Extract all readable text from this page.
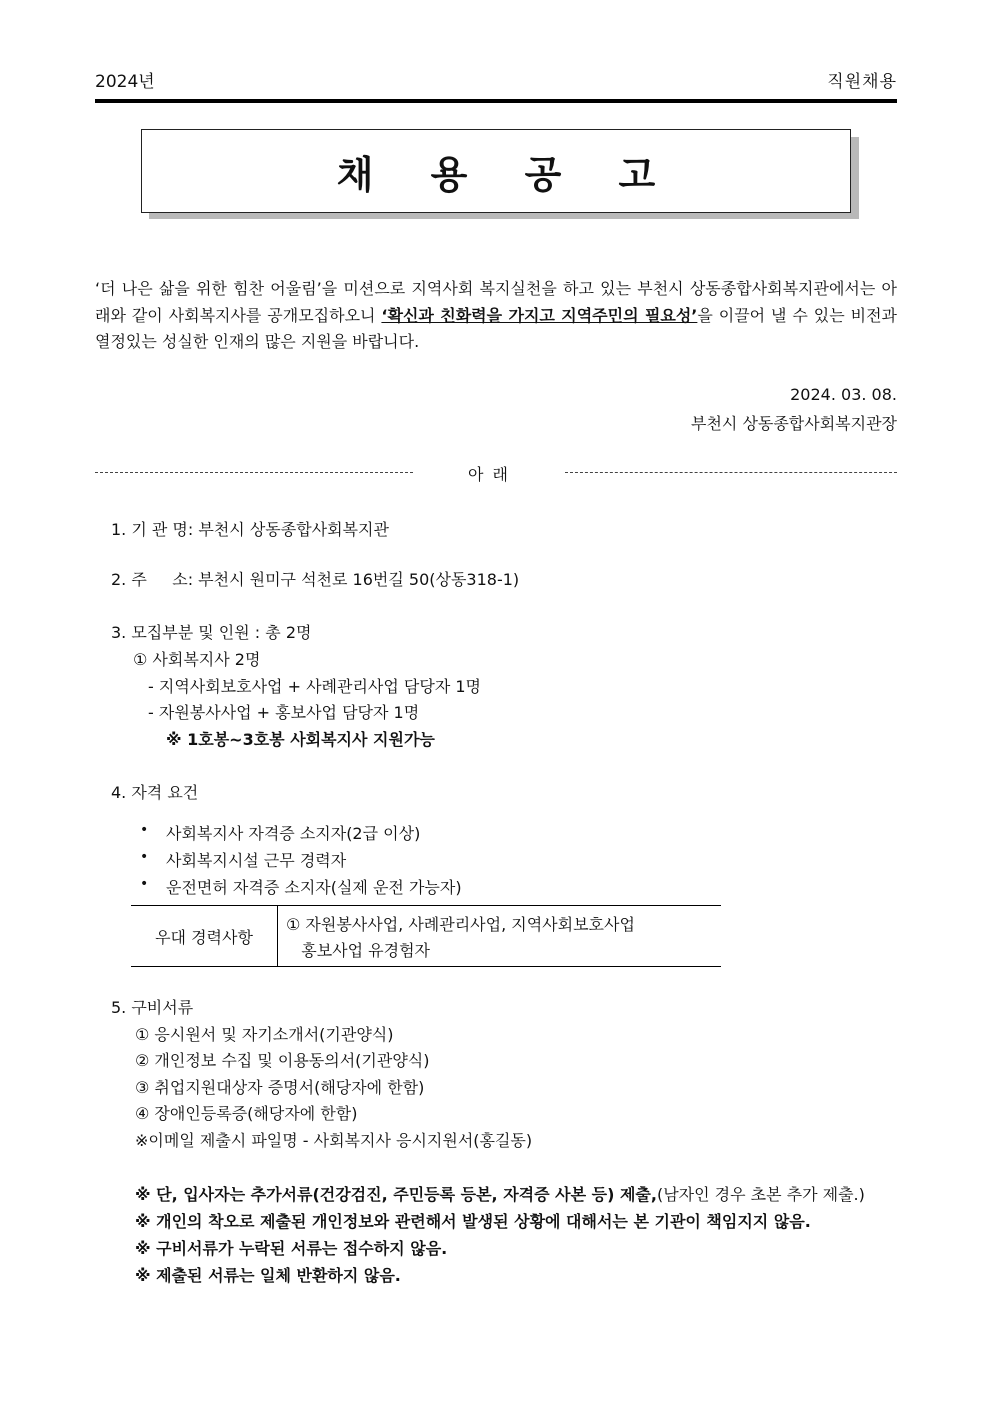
2024년	직원채용
채 용 공 고
‘더 나은 삶을 위한 힘찬 어울림’을 미션으로 지역사회 복지실천을 하고 있는 부천시 상동종합사회복지관에서는 아래와 같이 사회복지사를 공개모집하오니 ‘확신과 친화력을 가지고 지역주민의 필요성’을 이끌어 낼 수 있는 비전과 열정있는 성실한 인재의 많은 지원을 바랍니다.
2024. 03. 08.
부천시 상동종합사회복지관장
아 래
1. 기 관 명: 부천시 상동종합사회복지관
2. 주     소: 부천시 원미구 석천로 16번길 50(상동318-1)
3. 모집부분 및 인원 : 총 2명
① 사회복지사 2명
- 지역사회보호사업 + 사례관리사업 담당자 1명
- 자원봉사사업 + 홍보사업 담당자 1명
※ 1호봉~3호봉 사회복지사 지원가능
4. 자격 요건
• 사회복지사 자격증 소지자(2급 이상)
• 사회복지시설 근무 경력자
• 운전면허 자격증 소지자(실제 운전 가능자)
우대 경력사항
① 자원봉사사업, 사례관리사업, 지역사회보호사업
홍보사업 유경험자
5. 구비서류
① 응시원서 및 자기소개서(기관양식)
② 개인정보 수집 및 이용동의서(기관양식)
③ 취업지원대상자 증명서(해당자에 한함)
④ 장애인등록증(해당자에 한함)
※이메일 제출시 파일명 - 사회복지사 응시지원서(홍길동)
※ 단, 입사자는 추가서류(건강검진, 주민등록 등본, 자격증 사본 등) 제출,(남자인 경우 초본 추가 제출.)
※ 개인의 착오로 제출된 개인정보와 관련해서 발생된 상황에 대해서는 본 기관이 책임지지 않음.
※ 구비서류가 누락된 서류는 접수하지 않음.
※ 제출된 서류는 일체 반환하지 않음.
